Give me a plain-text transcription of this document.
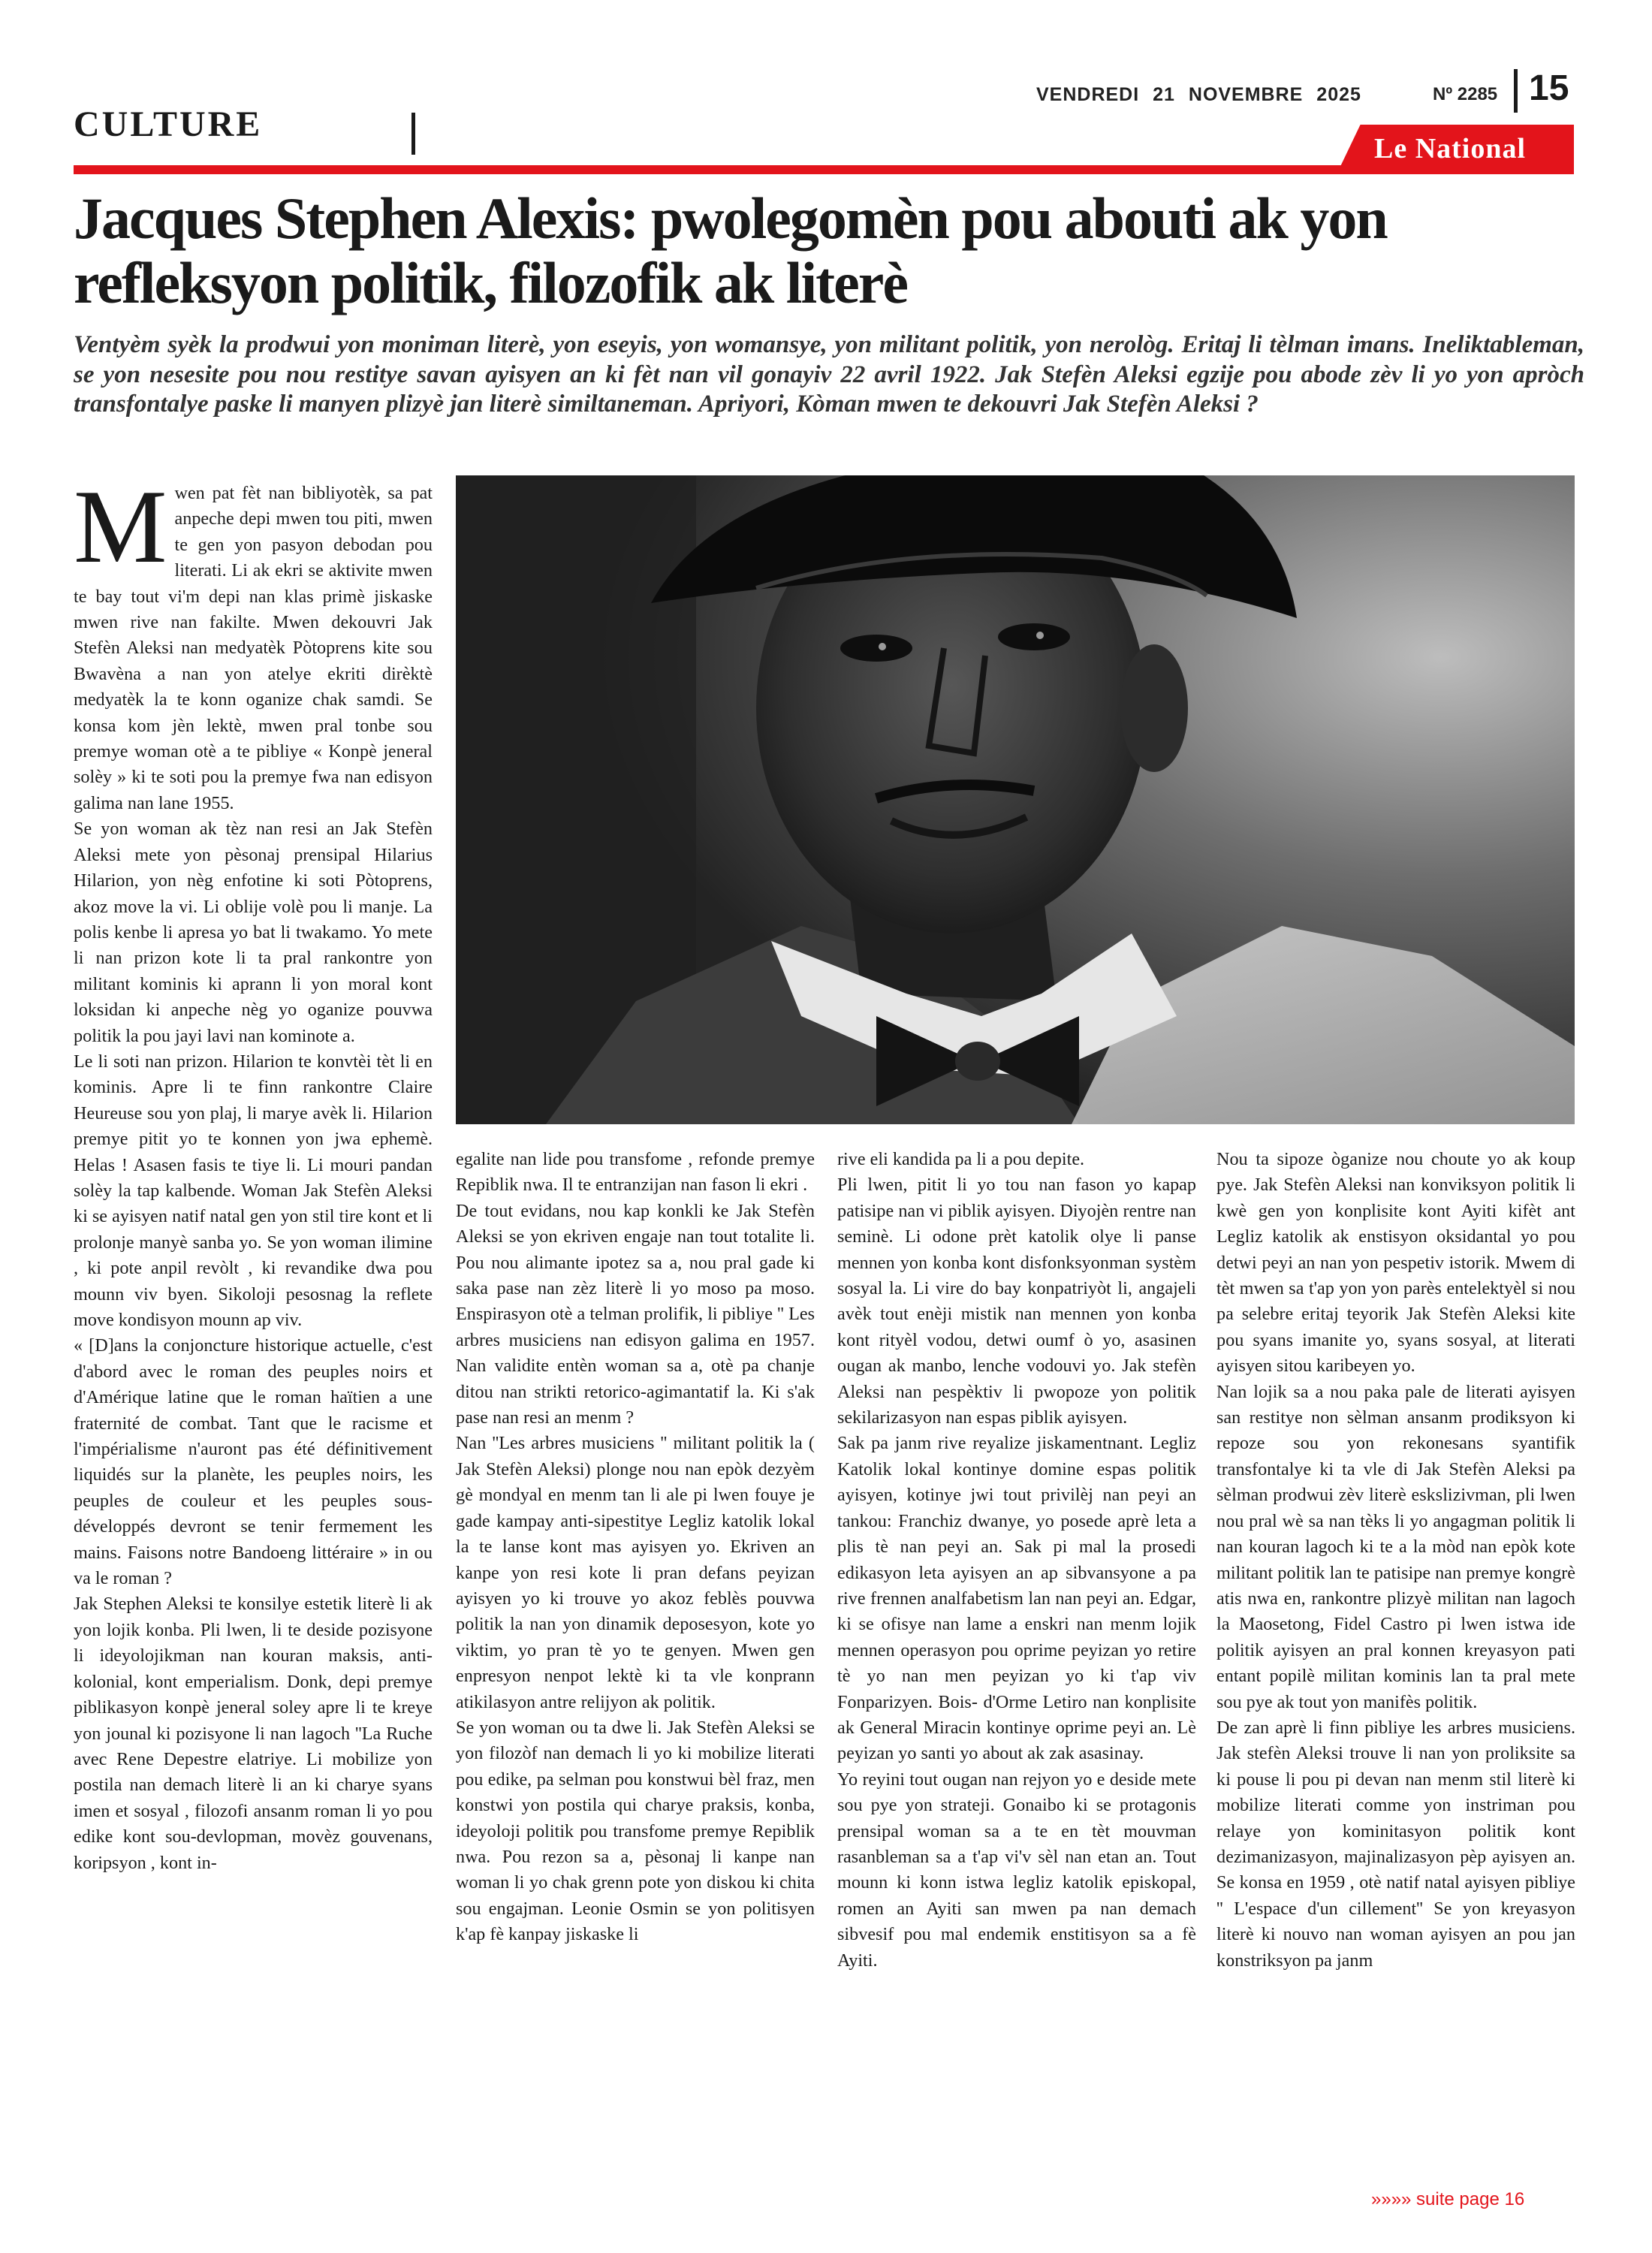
CULTURE
VENDREDI 21 NOVEMBRE 2025	Nº 2285 15
Le National
Jacques Stephen Alexis: pwolegomèn pou abouti ak yon refleksyon politik, filozofik ak literè

Ventyèm syèk la prodwui yon moniman literè, yon eseyis, yon womansye, yon militant politik, yon nerològ. Eritaj li tèlman imans. Ineliktableman, se yon nesesite pou nou restitye savan ayisyen an ki fèt nan vil gonayiv 22 avril 1922. Jak Stefèn Aleksi egzije pou abode zèv li yo yon apròch transfontalye paske li manyen plizyè jan literè similtaneman. Apriyori, Kòman mwen te dekouvri Jak Stefèn Aleksi ?

M wen pat fèt nan bibliyotèk, sa pat anpeche depi mwen tou piti, mwen te gen yon pasyon debodan pou literati. Li ak ekri se aktivite mwen te bay tout vi'm depi nan klas primè jiskaske mwen rive nan fakilte. Mwen dekouvri Jak Stefèn Aleksi nan medyatèk Pòtoprens kite sou Bwavèna a nan yon atelye ekriti dirèktè medyatèk la te konn oganize chak samdi. Se konsa kom jèn lektè, mwen pral tonbe sou premye woman otè a te pibliye « Konpè jeneral solèy » ki te soti pou la premye fwa nan edisyon galima nan lane 1955.

Se yon woman ak tèz nan resi an Jak Stefèn Aleksi mete yon pèsonaj prensipal Hilarius Hilarion, yon nèg enfotine ki soti Pòtoprens, akoz move la vi. Li oblije volè pou li manje. La polis kenbe li apresa yo bat li twakamo. Yo mete li nan prizon kote li ta pral rankontre yon militant kominis ki aprann li yon moral kont loksidan ki anpeche nèg yo oganize pouvwa politik la pou jayi lavi nan kominote a.

Le li soti nan prizon. Hilarion te konvtèi tèt li en kominis. Apre li te finn rankontre Claire Heureuse sou yon plaj, li marye avèk li. Hilarion premye pitit yo te konnen yon jwa ephemè. Helas ! Asasen fasis te tiye li. Li mouri pandan solèy la tap kalbende. Woman Jak Stefèn Aleksi ki se ayisyen natif natal gen yon stil tire kont et li prolonje manyè sanba yo. Se yon woman ilimine , ki pote anpil revòlt , ki revandike dwa pou mounn viv byen. Sikoloji pesosnag la reflete move kondisyon mounn ap viv.

« [D]ans la conjoncture historique actuelle, c'est d'abord avec le roman des peuples noirs et d'Amérique latine que le roman haïtien a une fraternité de combat. Tant que le racisme et l'impérialisme n'auront pas été définitivement liquidés sur la planète, les peuples noirs, les peuples de couleur et les peuples sous-développés devront se tenir fermement les mains. Faisons notre Bandoeng littéraire » in ou va le roman ?

Jak Stephen Aleksi te konsilye estetik literè li ak yon lojik konba. Pli lwen, li te deside pozisyone li ideyolojikman nan kouran maksis, anti-kolonial, kont emperialism. Donk, depi premye piblikasyon konpè jeneral soley apre li te kreye yon jounal ki pozisyone li nan lagoch ''La Ruche avec Rene Depestre elatriye. Li mobilize yon postila nan demach literè li an ki charye syans imen et sosyal , filozofi ansanm roman li yo pou edike kont sou-devlopman, movèz gouvenans, koripsyon , kont in-

egalite nan lide pou transfome , refonde premye Repiblik nwa. Il te entranzijan nan fason li ekri .

De tout evidans, nou kap konkli ke Jak Stefèn Aleksi se yon ekriven engaje nan tout totalite li. Pou nou alimante ipotez sa a, nou pral gade ki saka pase nan zèz literè li yo moso pa moso. Enspirasyon otè a telman prolifik, li pibliye '' Les arbres musiciens nan edisyon galima en 1957. Nan validite entèn woman sa a, otè pa chanje ditou nan strikti retorico-agimantatif la. Ki s'ak pase nan resi an menm ?

Nan ''Les arbres musiciens '' militant politik la ( Jak Stefèn Aleksi) plonge nou nan epòk dezyèm gè mondyal en menm tan li ale pi lwen fouye je gade kampay anti-sipestitye Legliz katolik lokal la te lanse kont mas ayisyen yo. Ekriven an kanpe yon resi kote li pran defans peyizan ayisyen yo ki trouve yo akoz feblès pouvwa politik la nan yon dinamik deposesyon, kote yo viktim, yo pran tè yo te genyen. Mwen gen enpresyon nenpot lektè ki ta vle konprann atikilasyon antre relijyon ak politik.

Se yon woman ou ta dwe li. Jak Stefèn Aleksi se yon filozòf nan demach li yo ki mobilize literati pou edike, pa selman pou konstwui bèl fraz, men konstwi yon postila qui charye praksis, konba, ideyoloji politik pou transfome premye Repiblik nwa. Pou rezon sa a, pèsonaj li kanpe nan woman li yo chak grenn pote yon diskou ki chita sou engajman. Leonie Osmin se yon politisyen k'ap fè kanpay jiskaske li

rive eli kandida pa li a pou depite.

Pli lwen, pitit li yo tou nan fason yo kapap patisipe nan vi piblik ayisyen. Diyojèn rentre nan seminè. Li odone prèt katolik olye li panse mennen yon konba kont disfonksyonman systèm sosyal la. Li vire do bay konpatriyòt li, angajeli avèk tout enèji mistik nan mennen yon konba kont rityèl vodou, detwi oumf ò yo, asasinen ougan ak manbo, lenche vodouvi yo. Jak stefèn Aleksi nan pespèktiv li pwopoze yon politik sekilarizasyon nan espas piblik ayisyen.

Sak pa janm rive reyalize jiskamentnant. Legliz Katolik lokal kontinye domine espas politik ayisyen, kotinye jwi tout privilèj nan peyi an tankou: Franchiz dwanye, yo posede aprè leta a plis tè nan peyi an. Sak pi mal la prosedi edikasyon leta ayisyen an ap sibvansyone a pa rive frennen analfabetism lan nan peyi an. Edgar, ki se ofisye nan lame a enskri nan menm lojik mennen operasyon pou oprime peyizan yo retire tè yo nan men peyizan yo ki t'ap viv Fonparizyen. Bois- d'Orme Letiro nan konplisite ak General Miracin kontinye oprime peyi an. Lè peyizan yo santi yo about ak zak asasinay.

Yo reyini tout ougan nan rejyon yo e deside mete sou pye yon strateji. Gonaibo ki se protagonis prensipal woman sa a te en tèt mouvman rasanbleman sa a t'ap vi'v sèl nan etan an. Tout mounn ki konn istwa legliz katolik episkopal, romen an Ayiti san mwen pa nan demach sibvesif pou mal endemik enstitisyon sa a fè Ayiti.

Nou ta sipoze òganize nou choute yo ak koup pye. Jak Stefèn Aleksi nan konviksyon politik li kwè gen yon konplisite kont Ayiti kifèt ant Legliz katolik ak enstisyon oksidantal yo pou detwi peyi an nan yon pespetiv istorik. Mwem di tèt mwen sa t'ap yon yon parès entelektyèl si nou pa selebre eritaj teyorik Jak Stefèn Aleksi kite pou syans imanite yo, syans sosyal, at literati ayisyen sitou karibeyen yo.

Nan lojik sa a nou paka pale de literati ayisyen san restitye non sèlman ansanm prodiksyon ki repoze sou yon rekonesans syantifik transfontalye ki ta vle di Jak Stefèn Aleksi pa sèlman prodwui zèv literè eskslizivman, pli lwen nou pral wè sa nan tèks li yo angagman politik li nan kouran lagoch ki te a la mòd nan epòk kote militant politik lan te patisipe nan premye kongrè atis nwa en, rankontre plizyè militan nan lagoch la Maosetong, Fidel Castro pi lwen istwa ide politik ayisyen an pral konnen kreyasyon pati entant popilè militan kominis lan ta pral mete sou pye ak tout yon manifès politik.

De zan aprè li finn pibliye les arbres musiciens. Jak stefèn Aleksi trouve li nan yon proliksite sa ki pouse li pou pi devan nan menm stil literè ki mobilize literati comme yon instriman pou relaye yon kominitasyon politik kont dezimanizasyon, majinalizasyon pèp ayisyen an. Se konsa en 1959 , otè natif natal ayisyen pibliye '' L'espace d'un cillement'' Se yon kreyasyon literè ki nouvo nan woman ayisyen an pou jan konstriksyon pa janm

»»»» suite page 16
